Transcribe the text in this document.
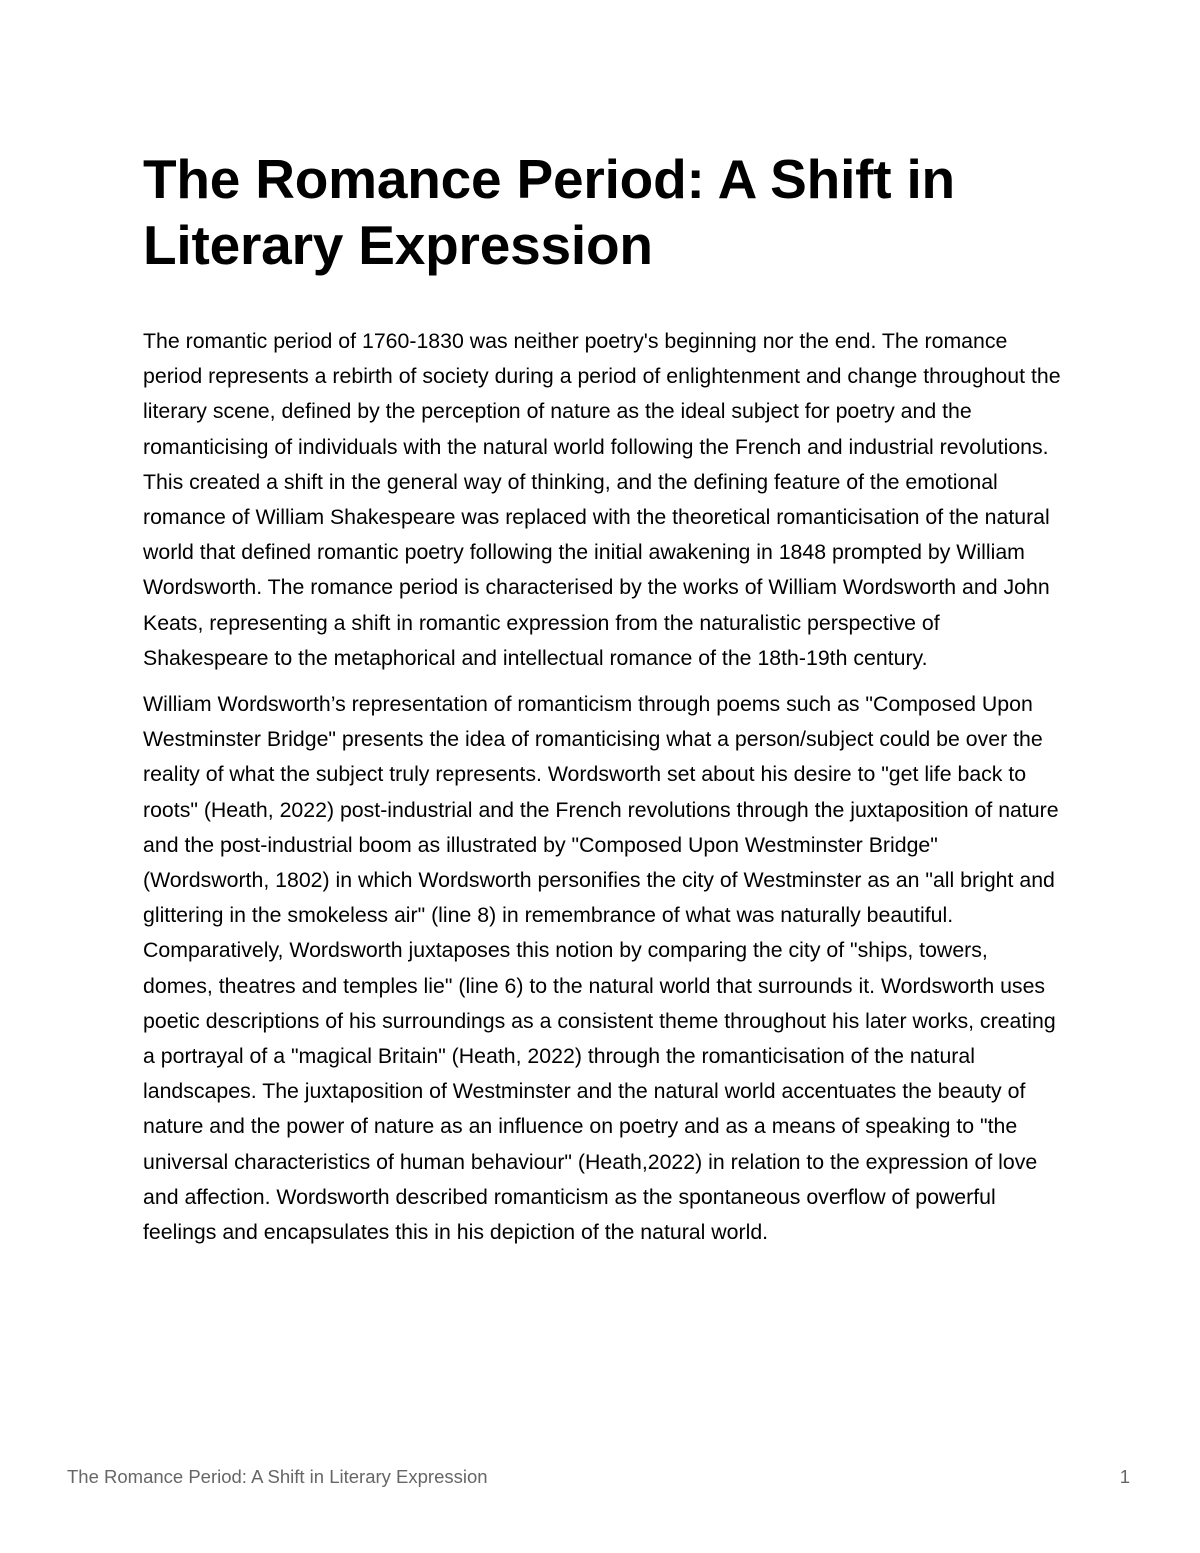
The Romance Period: A Shift in Literary Expression

The romantic period of 1760-1830 was neither poetry's beginning nor the end. The romance period represents a rebirth of society during a period of enlightenment and change throughout the literary scene, defined by the perception of nature as the ideal subject for poetry and the romanticising of individuals with the natural world following the French and industrial revolutions. This created a shift in the general way of thinking, and the defining feature of the emotional romance of William Shakespeare was replaced with the theoretical romanticisation of the natural world that defined romantic poetry following the initial awakening in 1848 prompted by William Wordsworth. The romance period is characterised by the works of William Wordsworth and John Keats, representing a shift in romantic expression from the naturalistic perspective of Shakespeare to the metaphorical and intellectual romance of the 18th-19th century.

William Wordsworth’s representation of romanticism through poems such as "Composed Upon Westminster Bridge" presents the idea of romanticising what a person/subject could be over the reality of what the subject truly represents. Wordsworth set about his desire to "get life back to roots" (Heath, 2022) post-industrial and the French revolutions through the juxtaposition of nature and the post-industrial boom as illustrated by "Composed Upon Westminster Bridge" (Wordsworth, 1802) in which Wordsworth personifies the city of Westminster as an "all bright and glittering in the smokeless air" (line 8) in remembrance of what was naturally beautiful. Comparatively, Wordsworth juxtaposes this notion by comparing the city of "ships, towers, domes, theatres and temples lie" (line 6) to the natural world that surrounds it. Wordsworth uses poetic descriptions of his surroundings as a consistent theme throughout his later works, creating a portrayal of a "magical Britain" (Heath, 2022) through the romanticisation of the natural landscapes. The juxtaposition of Westminster and the natural world accentuates the beauty of nature and the power of nature as an influence on poetry and as a means of speaking to "the universal characteristics of human behaviour" (Heath,2022) in relation to the expression of love and affection. Wordsworth described romanticism as the spontaneous overflow of powerful feelings and encapsulates this in his depiction of the natural world.

The Romance Period: A Shift in Literary Expression	1
